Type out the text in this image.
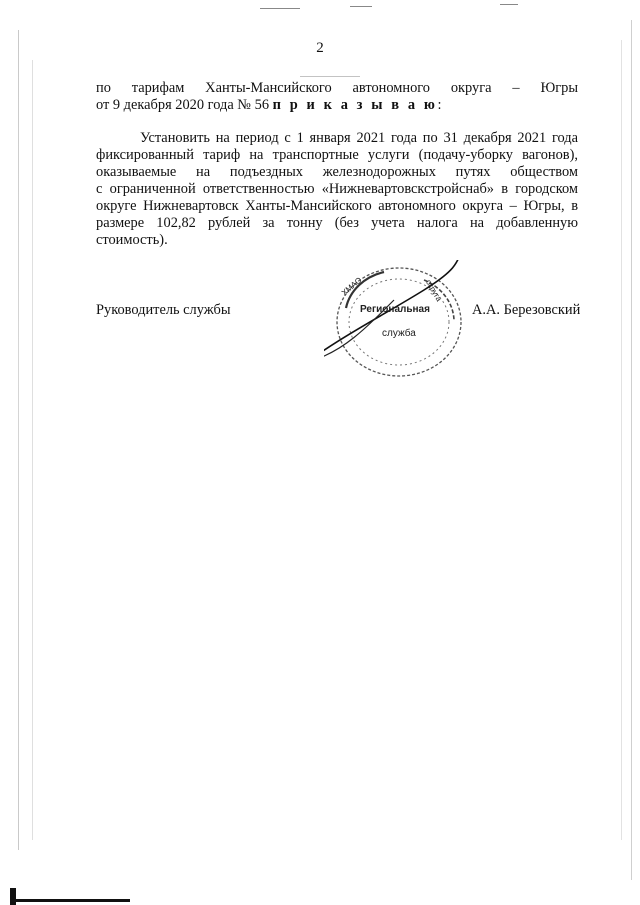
2
по тарифам Ханты-Мансийского автономного округа – Югры
от 9 декабря 2020 года № 56 п р и к а з ы в а ю:
Установить на период с 1 января 2021 года по 31 декабря 2021 года
фиксированный тариф на транспортные услуги (подачу-уборку вагонов),
оказываемые на подъездных железнодорожных путях обществом
с ограниченной ответственностью «Нижневартовскстройснаб» в городском
округе Нижневартовск Ханты-Мансийского автономного округа – Югры, в
размере 102,82 рублей за тонну (без учета налога на добавленную
стоимость).
Руководитель службы	А.А. Березовский
Региональная
служба
ХМАО	округа
